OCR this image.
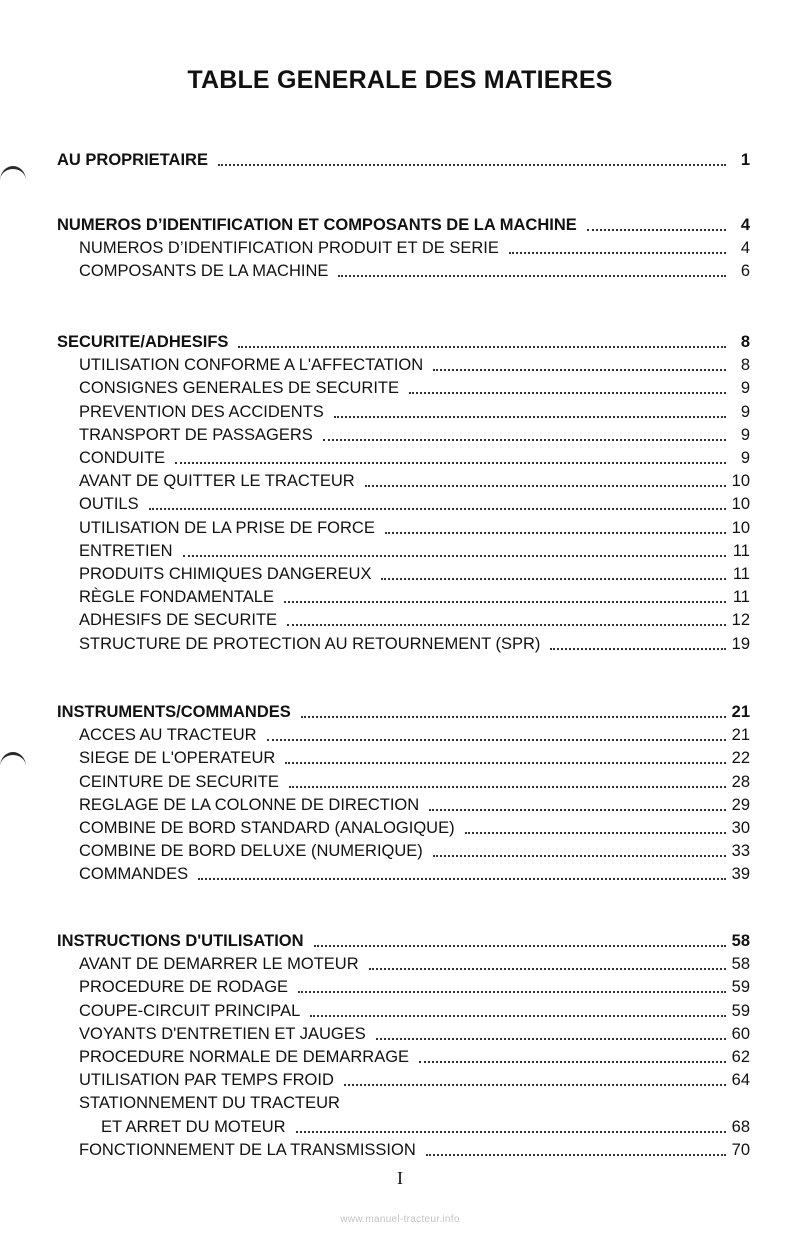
TABLE GENERALE DES MATIERES
AU PROPRIETAIRE	1
NUMEROS D’IDENTIFICATION ET COMPOSANTS DE LA MACHINE	4
NUMEROS D’IDENTIFICATION PRODUIT ET DE SERIE	4
COMPOSANTS DE LA MACHINE	6
SECURITE/ADHESIFS	8
UTILISATION CONFORME A L'AFFECTATION	8
CONSIGNES GENERALES DE SECURITE	9
PREVENTION DES ACCIDENTS	9
TRANSPORT DE PASSAGERS	9
CONDUITE	9
AVANT DE QUITTER LE TRACTEUR	10
OUTILS	10
UTILISATION DE LA PRISE DE FORCE	10
ENTRETIEN	11
PRODUITS CHIMIQUES DANGEREUX	11
RÈGLE FONDAMENTALE	11
ADHESIFS DE SECURITE	12
STRUCTURE DE PROTECTION AU RETOURNEMENT (SPR)	19
INSTRUMENTS/COMMANDES	21
ACCES AU TRACTEUR	21
SIEGE DE L'OPERATEUR	22
CEINTURE DE SECURITE	28
REGLAGE DE LA COLONNE DE DIRECTION	29
COMBINE DE BORD STANDARD (ANALOGIQUE)	30
COMBINE DE BORD DELUXE (NUMERIQUE)	33
COMMANDES	39
INSTRUCTIONS D'UTILISATION	58
AVANT DE DEMARRER LE MOTEUR	58
PROCEDURE DE RODAGE	59
COUPE-CIRCUIT PRINCIPAL	59
VOYANTS D'ENTRETIEN ET JAUGES	60
PROCEDURE NORMALE DE DEMARRAGE	62
UTILISATION PAR TEMPS FROID	64
STATIONNEMENT DU TRACTEUR
ET ARRET DU MOTEUR	68
FONCTIONNEMENT DE LA TRANSMISSION	70
I
www.manuel-tracteur.info
